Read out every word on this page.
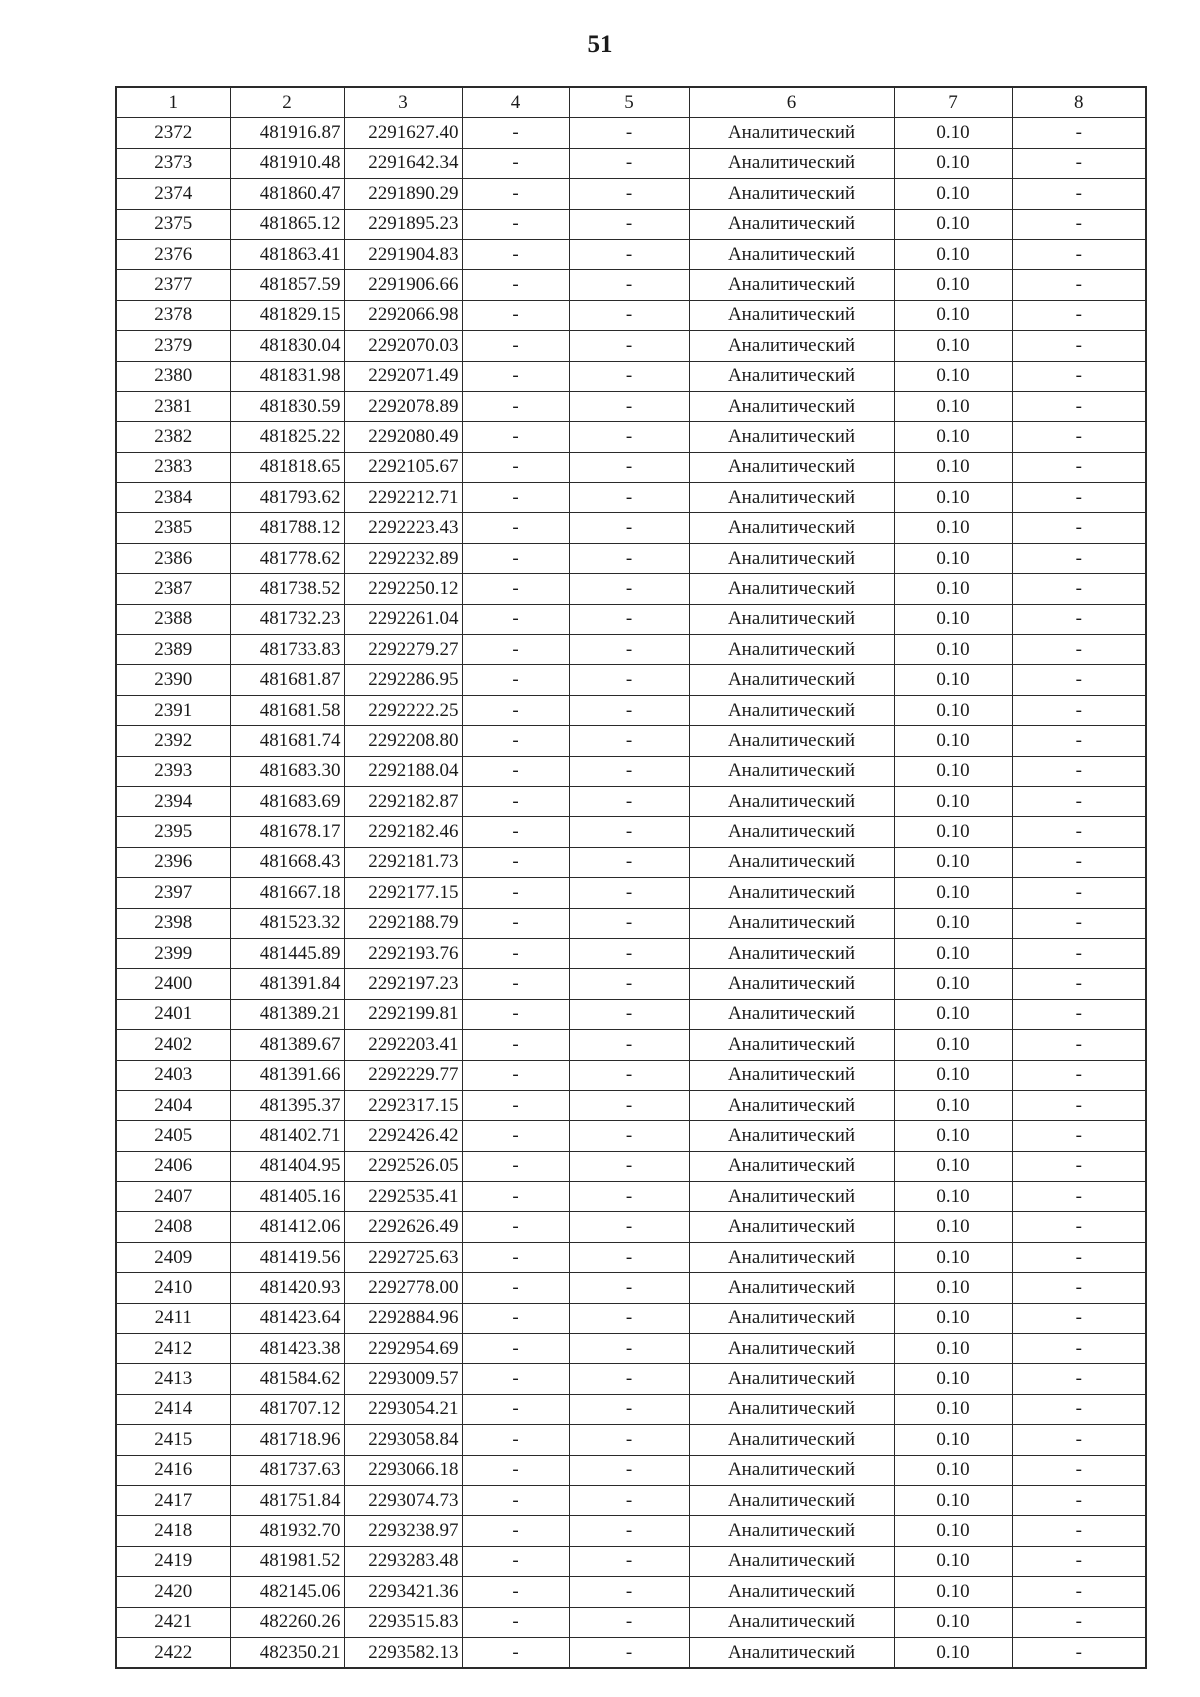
51
1	2	3	4	5	6	7	8
2372	481916.87	2291627.40	-	-	Аналитический	0.10	-
2373	481910.48	2291642.34	-	-	Аналитический	0.10	-
2374	481860.47	2291890.29	-	-	Аналитический	0.10	-
2375	481865.12	2291895.23	-	-	Аналитический	0.10	-
2376	481863.41	2291904.83	-	-	Аналитический	0.10	-
2377	481857.59	2291906.66	-	-	Аналитический	0.10	-
2378	481829.15	2292066.98	-	-	Аналитический	0.10	-
2379	481830.04	2292070.03	-	-	Аналитический	0.10	-
2380	481831.98	2292071.49	-	-	Аналитический	0.10	-
2381	481830.59	2292078.89	-	-	Аналитический	0.10	-
2382	481825.22	2292080.49	-	-	Аналитический	0.10	-
2383	481818.65	2292105.67	-	-	Аналитический	0.10	-
2384	481793.62	2292212.71	-	-	Аналитический	0.10	-
2385	481788.12	2292223.43	-	-	Аналитический	0.10	-
2386	481778.62	2292232.89	-	-	Аналитический	0.10	-
2387	481738.52	2292250.12	-	-	Аналитический	0.10	-
2388	481732.23	2292261.04	-	-	Аналитический	0.10	-
2389	481733.83	2292279.27	-	-	Аналитический	0.10	-
2390	481681.87	2292286.95	-	-	Аналитический	0.10	-
2391	481681.58	2292222.25	-	-	Аналитический	0.10	-
2392	481681.74	2292208.80	-	-	Аналитический	0.10	-
2393	481683.30	2292188.04	-	-	Аналитический	0.10	-
2394	481683.69	2292182.87	-	-	Аналитический	0.10	-
2395	481678.17	2292182.46	-	-	Аналитический	0.10	-
2396	481668.43	2292181.73	-	-	Аналитический	0.10	-
2397	481667.18	2292177.15	-	-	Аналитический	0.10	-
2398	481523.32	2292188.79	-	-	Аналитический	0.10	-
2399	481445.89	2292193.76	-	-	Аналитический	0.10	-
2400	481391.84	2292197.23	-	-	Аналитический	0.10	-
2401	481389.21	2292199.81	-	-	Аналитический	0.10	-
2402	481389.67	2292203.41	-	-	Аналитический	0.10	-
2403	481391.66	2292229.77	-	-	Аналитический	0.10	-
2404	481395.37	2292317.15	-	-	Аналитический	0.10	-
2405	481402.71	2292426.42	-	-	Аналитический	0.10	-
2406	481404.95	2292526.05	-	-	Аналитический	0.10	-
2407	481405.16	2292535.41	-	-	Аналитический	0.10	-
2408	481412.06	2292626.49	-	-	Аналитический	0.10	-
2409	481419.56	2292725.63	-	-	Аналитический	0.10	-
2410	481420.93	2292778.00	-	-	Аналитический	0.10	-
2411	481423.64	2292884.96	-	-	Аналитический	0.10	-
2412	481423.38	2292954.69	-	-	Аналитический	0.10	-
2413	481584.62	2293009.57	-	-	Аналитический	0.10	-
2414	481707.12	2293054.21	-	-	Аналитический	0.10	-
2415	481718.96	2293058.84	-	-	Аналитический	0.10	-
2416	481737.63	2293066.18	-	-	Аналитический	0.10	-
2417	481751.84	2293074.73	-	-	Аналитический	0.10	-
2418	481932.70	2293238.97	-	-	Аналитический	0.10	-
2419	481981.52	2293283.48	-	-	Аналитический	0.10	-
2420	482145.06	2293421.36	-	-	Аналитический	0.10	-
2421	482260.26	2293515.83	-	-	Аналитический	0.10	-
2422	482350.21	2293582.13	-	-	Аналитический	0.10	-
